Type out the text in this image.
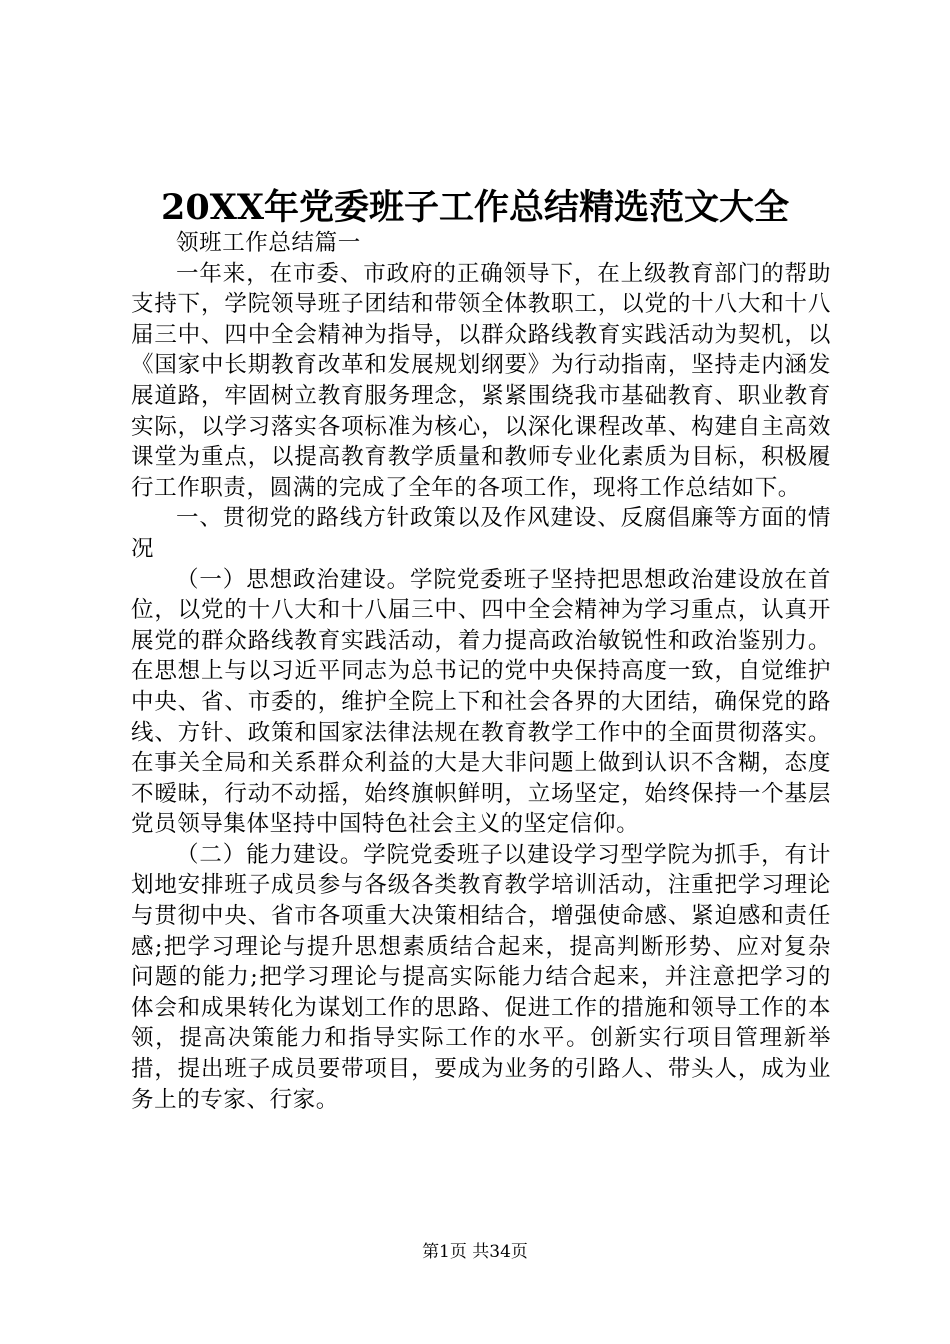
20XX年党委班子工作总结精选范文大全

领班工作总结篇一

一年来，在市委、市政府的正确领导下，在上级教育部门的帮助支持下，学院领导班子团结和带领全体教职工，以党的十八大和十八届三中、四中全会精神为指导，以群众路线教育实践活动为契机，以《国家中长期教育改革和发展规划纲要》为行动指南，坚持走内涵发展道路，牢固树立教育服务理念，紧紧围绕我市基础教育、职业教育实际，以学习落实各项标准为核心，以深化课程改革、构建自主高效课堂为重点，以提高教育教学质量和教师专业化素质为目标，积极履行工作职责，圆满的完成了全年的各项工作，现将工作总结如下。

一、贯彻党的路线方针政策以及作风建设、反腐倡廉等方面的情况

（一）思想政治建设。学院党委班子坚持把思想政治建设放在首位，以党的十八大和十八届三中、四中全会精神为学习重点，认真开展党的群众路线教育实践活动，着力提高政治敏锐性和政治鉴别力。在思想上与以习近平同志为总书记的党中央保持高度一致，自觉维护中央、省、市委的，维护全院上下和社会各界的大团结，确保党的路线、方针、政策和国家法律法规在教育教学工作中的全面贯彻落实。在事关全局和关系群众利益的大是大非问题上做到认识不含糊，态度不暧昧，行动不动摇，始终旗帜鲜明，立场坚定，始终保持一个基层党员领导集体坚持中国特色社会主义的坚定信仰。

（二）能力建设。学院党委班子以建设学习型学院为抓手，有计划地安排班子成员参与各级各类教育教学培训活动，注重把学习理论与贯彻中央、省市各项重大决策相结合，增强使命感、紧迫感和责任感;把学习理论与提升思想素质结合起来，提高判断形势、应对复杂问题的能力;把学习理论与提高实际能力结合起来，并注意把学习的体会和成果转化为谋划工作的思路、促进工作的措施和领导工作的本领，提高决策能力和指导实际工作的水平。创新实行项目管理新举措，提出班子成员要带项目，要成为业务的引路人、带头人，成为业务上的专家、行家。

第1页 共34页
